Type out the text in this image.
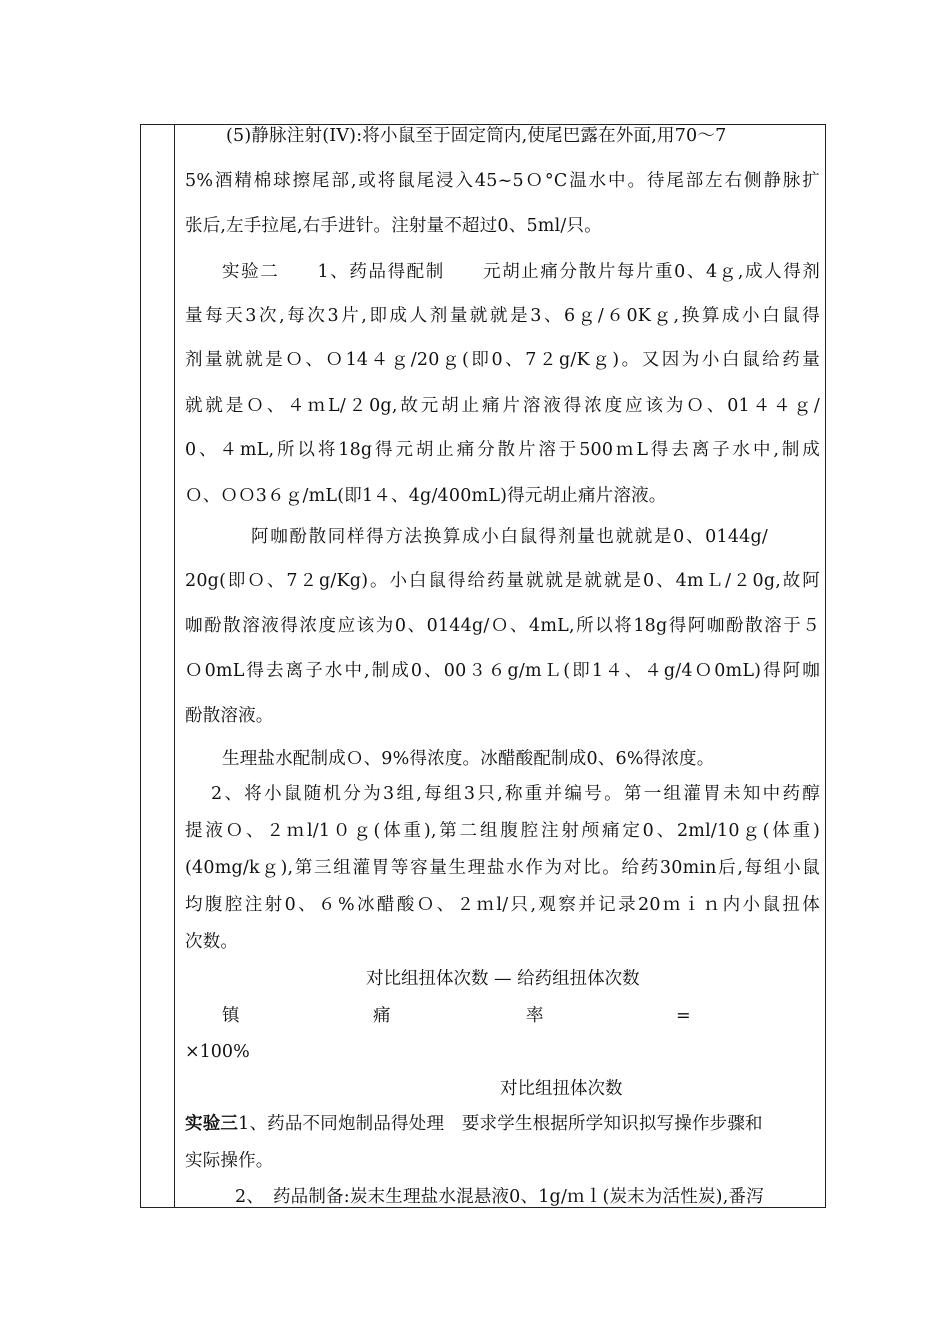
(5)静脉注射(ⅠV):将小鼠至于固定筒内,使尾巴露在外面,用70～7
5%酒精棉球擦尾部,或将鼠尾浸入45~5Ｏ°C温水中。待尾部左右侧静脉扩
张后,左手拉尾,右手进针。注射量不超过0、5ml/只。
实验二　　1、药品得配制　　元胡止痛分散片每片重0、4ｇ,成人得剂
量每天3次,每次3片,即成人剂量就就是3、6ｇ/６0Kｇ,换算成小白鼠得
剂量就就是Ｏ、Ｏ14４ｇ/20ｇ(即0、7２g/Kｇ)。又因为小白鼠给药量
就就是Ｏ、４ｍL/２0g,故元胡止痛片溶液得浓度应该为Ｏ、01４４ｇ/
0、４mL,所以将18g得元胡止痛分散片溶于500ｍL得去离子水中,制成
Ｏ、ＯＯ3６ｇ/mL(即1４、4g/400mL)得元胡止痛片溶液。
阿咖酚散同样得方法换算成小白鼠得剂量也就就是0、0144g/
20g(即Ｏ、7２g/Kg)。小白鼠得给药量就就是就就是0、4mＬ/２0g,故阿
咖酚散溶液得浓度应该为0、0144g/Ｏ、4mL,所以将18g得阿咖酚散溶于５
Ｏ0mL得去离子水中,制成0、00３６g/mＬ(即1４、４g/4Ｏ0mL)得阿咖
酚散溶液。
生理盐水配制成Ｏ、9%得浓度。冰醋酸配制成0、6%得浓度。
2、将小鼠随机分为3组,每组3只,称重并编号。第一组灌胃未知中药醇
提液Ｏ、２ｍl/1０ｇ(体重),第二组腹腔注射颅痛定0、2ml/10ｇ(体重)
(40mg/kｇ),第三组灌胃等容量生理盐水作为对比。给药30min后,每组小鼠
均腹腔注射0、６%冰醋酸Ｏ、２ｍl/只,观察并记录20ｍｉｎ内小鼠扭体
次数。
对比组扭体次数 — 给药组扭体次数
镇	痛	率	=
×100%
对比组扭体次数
实验三1、药品不同炮制品得处理　要求学生根据所学知识拟写操作步骤和
实际操作。
2、　药品制备:炭末生理盐水混悬液0、1g/ｍｌ(炭末为活性炭),番泻
